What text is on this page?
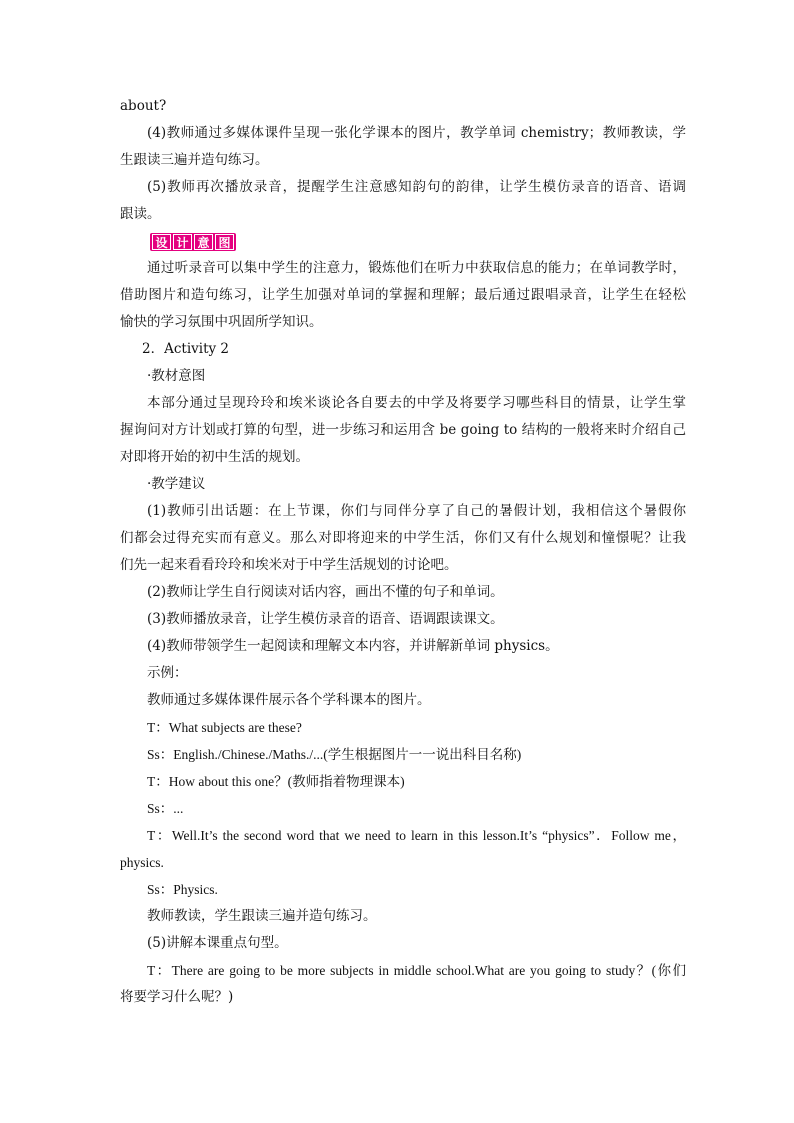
about?
(4)教师通过多媒体课件呈现一张化学课本的图片，教学单词 chemistry；教师教读，学
生跟读三遍并造句练习。
(5)教师再次播放录音，提醒学生注意感知韵句的韵律，让学生模仿录音的语音、语调
跟读。
设 计 意 图
通过听录音可以集中学生的注意力，锻炼他们在听力中获取信息的能力；在单词教学时，
借助图片和造句练习，让学生加强对单词的掌握和理解；最后通过跟唱录音，让学生在轻松
愉快的学习氛围中巩固所学知识。
2．Activity 2
·教材意图
本部分通过呈现玲玲和埃米谈论各自要去的中学及将要学习哪些科目的情景，让学生掌
握询问对方计划或打算的句型，进一步练习和运用含 be going to 结构的一般将来时介绍自己
对即将开始的初中生活的规划。
·教学建议
(1)教师引出话题：在上节课，你们与同伴分享了自己的暑假计划，我相信这个暑假你
们都会过得充实而有意义。那么对即将迎来的中学生活，你们又有什么规划和憧憬呢？让我
们先一起来看看玲玲和埃米对于中学生活规划的讨论吧。
(2)教师让学生自行阅读对话内容，画出不懂的句子和单词。
(3)教师播放录音，让学生模仿录音的语音、语调跟读课文。
(4)教师带领学生一起阅读和理解文本内容，并讲解新单词 physics。
示例：
教师通过多媒体课件展示各个学科课本的图片。
T：What subjects are these?
Ss：English./Chinese./Maths./...(学生根据图片一一说出科目名称)
T：How about this one？(教师指着物理课本)
Ss：...
T：Well.It’s the second word that we need to learn in this lesson.It’s “physics”．Follow me，
physics.
Ss：Physics.
教师教读，学生跟读三遍并造句练习。
(5)讲解本课重点句型。
T：There are going to be more subjects in middle school.What are you going to study？(你们
将要学习什么呢？)
